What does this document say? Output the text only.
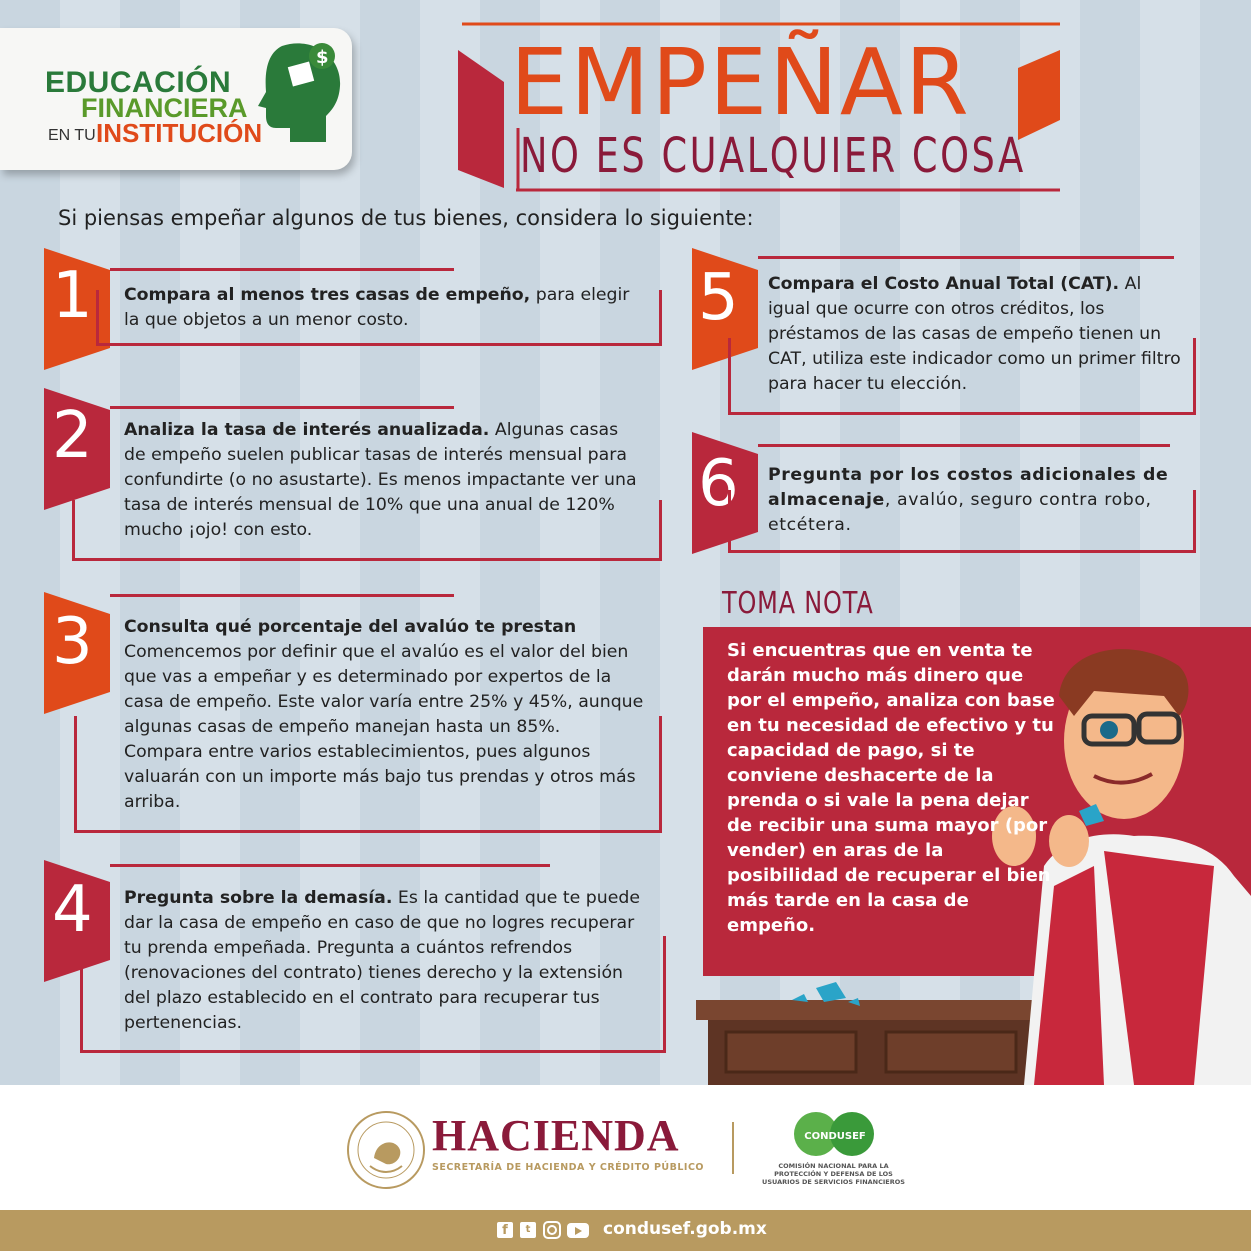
EDUCACIÓN
FINANCIERA
EN TU INSTITUCIÓN
$ EMPEÑAR
NO ES CUALQUIER COSA
Si piensas empeñar algunos de tus bienes, considera lo siguiente:
1 Compara al menos tres casas de empeño, para elegir la que objetos a un menor costo.
2 Analiza la tasa de interés anualizada. Algunas casas de empeño suelen publicar tasas de interés mensual para confundirte (o no asustarte). Es menos impactante ver una tasa de interés mensual de 10% que una anual de 120% mucho ¡ojo! con esto.
3 Consulta qué porcentaje del avalúo te prestan Comencemos por definir que el avalúo es el valor del bien que vas a empeñar y es determinado por expertos de la casa de empeño. Este valor varía entre 25% y 45%, aunque algunas casas de empeño manejan hasta un 85%. Compara entre varios establecimientos, pues algunos valuarán con un importe más bajo tus prendas y otros más arriba.
4 Pregunta sobre la demasía. Es la cantidad que te puede dar la casa de empeño en caso de que no logres recuperar tu prenda empeñada. Pregunta a cuántos refrendos (renovaciones del contrato) tienes derecho y la extensión del plazo establecido en el contrato para recuperar tus pertenencias.
5 Compara el Costo Anual Total (CAT). Al igual que ocurre con otros créditos, los préstamos de las casas de empeño tienen un CAT, utiliza este indicador como un primer filtro para hacer tu elección.
6 Pregunta por los costos adicionales de almacenaje, avalúo, seguro contra robo, etcétera.
TOMA NOTA
Si encuentras que en venta te darán mucho más dinero que por el empeño, analiza con base en tu necesidad de efectivo y tu capacidad de pago, si te conviene deshacerte de la prenda o si vale la pena dejar de recibir una suma mayor (por vender) en aras de la posibilidad de recuperar el bien más tarde en la casa de empeño.
HACIENDA
SECRETARÍA DE HACIENDA Y CRÉDITO PÚBLICO
CONDUSEF
COMISIÓN NACIONAL PARA LA PROTECCIÓN Y DEFENSA DE LOS USUARIOS DE SERVICIOS FINANCIEROS
f	t	condusef.gob.mx
